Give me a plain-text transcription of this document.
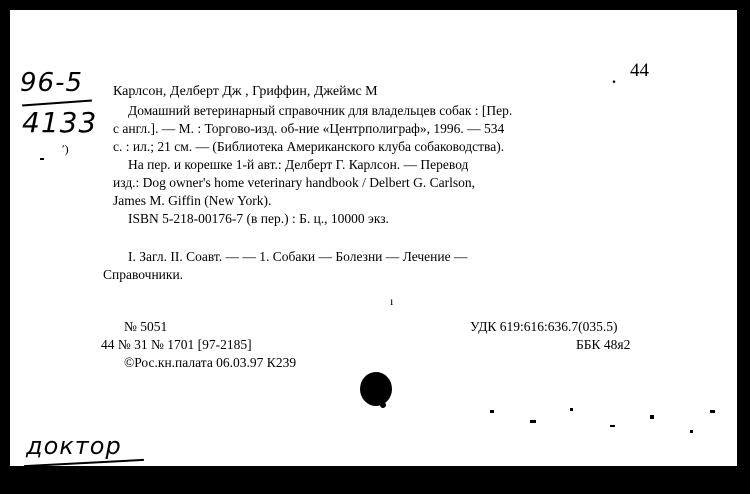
96-5
4133
44
Карлсон, Делберт Дж , Гриффин, Джеймс М
.
Домашний ветеринарный справочник для владельцев собак : [Пер.
с англ.]. — М. : Торгово-изд. об-ние «Центрполиграф», 1996. — 534
с. : ил.; 21 см. — (Библиотека Американского клуба собаководства).
На пер. и корешке 1-й авт.: Делберт Г. Карлсон. — Перевод
изд.: Dog owner's home veterinary handbook / Delbert G. Carlson,
James M. Giffin (New York).
ISBN 5-218-00176-7 (в пер.) : Б. ц., 10000 экз.
ʹ)
I. Загл. II. Соавт. — — 1. Собаки — Болезни — Лечение —
Справочники.
ı
№ 5051
44 № 31 № 1701 [97-2185]
©Рос.кн.палата 06.03.97 К239
УДК 619:616:636.7(035.5)
ББК 48я2
доктор
